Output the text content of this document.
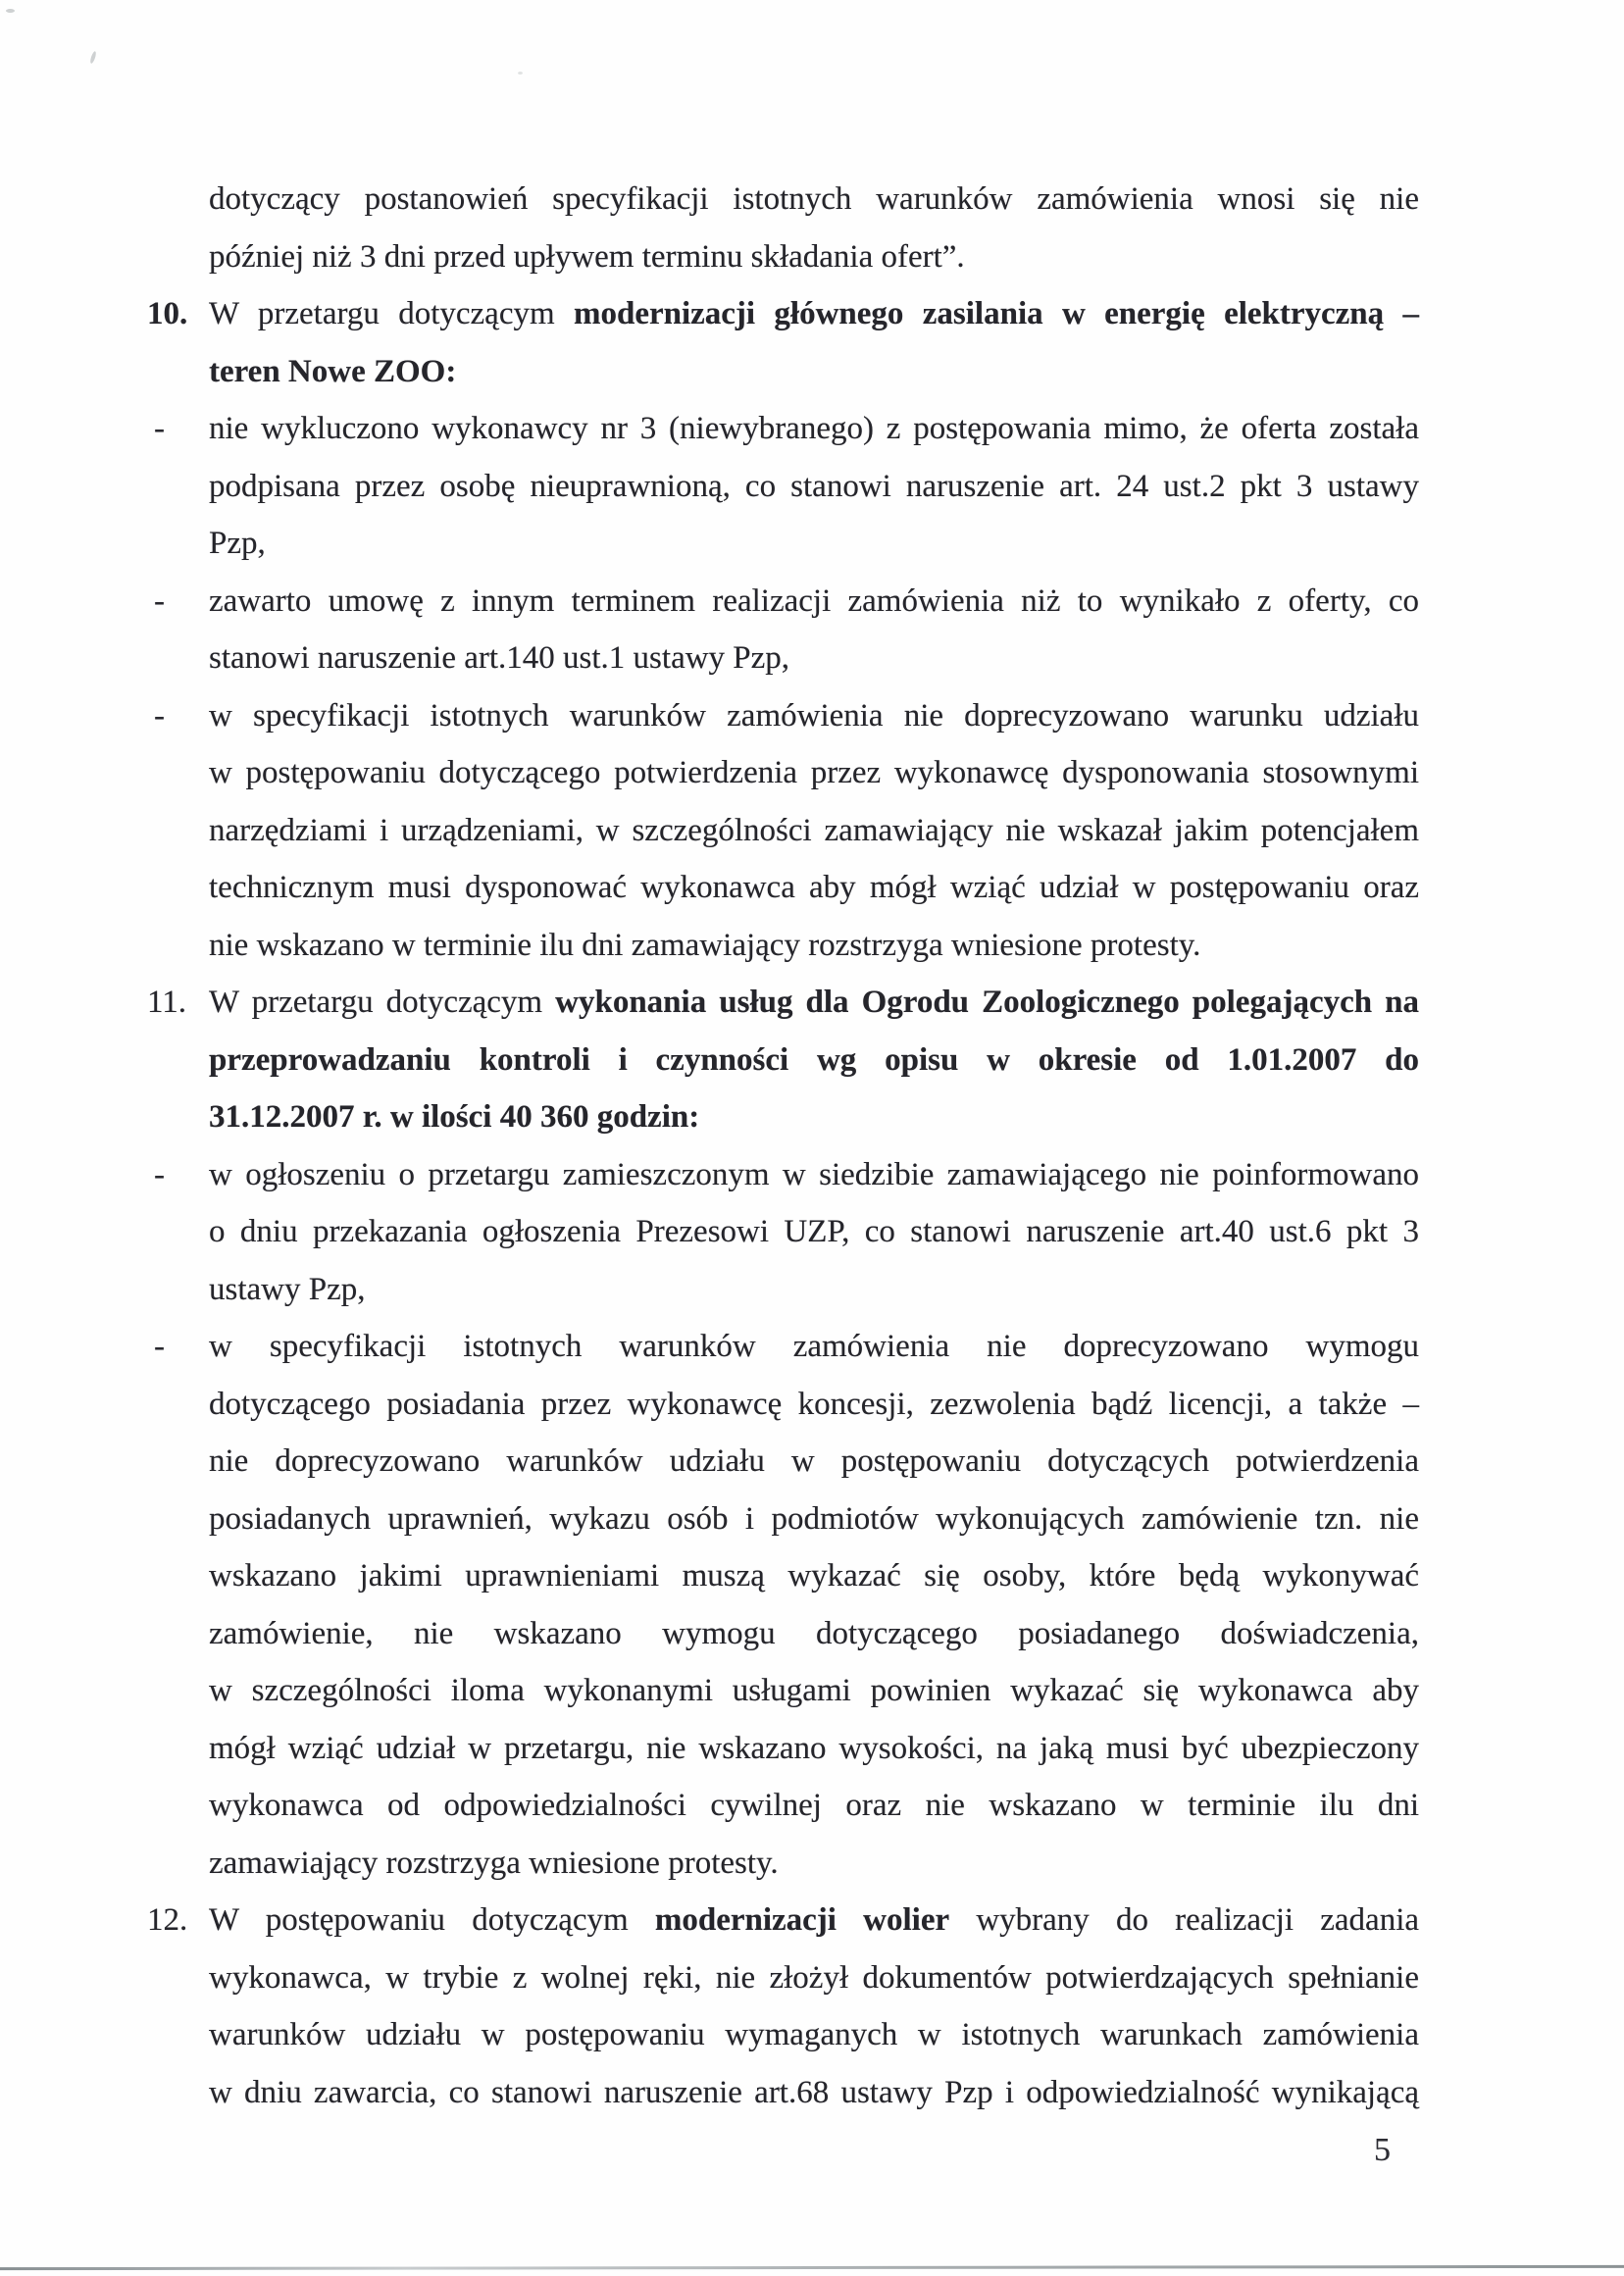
dotyczący postanowień specyfikacji istotnych warunków zamówienia wnosi się nie
później niż 3 dni przed upływem terminu składania ofert”.
10. W przetargu dotyczącym modernizacji głównego zasilania w energię elektryczną –
teren Nowe ZOO:
- nie wykluczono wykonawcy nr 3 (niewybranego) z postępowania mimo, że oferta została
podpisana przez osobę nieuprawnioną, co stanowi naruszenie art. 24 ust.2 pkt 3 ustawy
Pzp,
- zawarto umowę z innym terminem realizacji zamówienia niż to wynikało z oferty, co
stanowi naruszenie art.140 ust.1 ustawy Pzp,
- w specyfikacji istotnych warunków zamówienia nie doprecyzowano warunku udziału
w postępowaniu dotyczącego potwierdzenia przez wykonawcę dysponowania stosownymi
narzędziami i urządzeniami, w szczególności zamawiający nie wskazał jakim potencjałem
technicznym musi dysponować wykonawca aby mógł wziąć udział w postępowaniu oraz
nie wskazano w terminie ilu dni zamawiający rozstrzyga wniesione protesty.
11. W przetargu dotyczącym wykonania usług dla Ogrodu Zoologicznego polegających na
przeprowadzaniu kontroli i czynności wg opisu w okresie od 1.01.2007 do
31.12.2007 r. w ilości 40 360 godzin:
- w ogłoszeniu o przetargu zamieszczonym w siedzibie zamawiającego nie poinformowano
o dniu przekazania ogłoszenia Prezesowi UZP, co stanowi naruszenie art.40 ust.6 pkt 3
ustawy Pzp,
- w specyfikacji istotnych warunków zamówienia nie doprecyzowano wymogu
dotyczącego posiadania przez wykonawcę koncesji, zezwolenia bądź licencji, a także –
nie doprecyzowano warunków udziału w postępowaniu dotyczących potwierdzenia
posiadanych uprawnień, wykazu osób i podmiotów wykonujących zamówienie tzn. nie
wskazano jakimi uprawnieniami muszą wykazać się osoby, które będą wykonywać
zamówienie, nie wskazano wymogu dotyczącego posiadanego doświadczenia,
w szczególności iloma wykonanymi usługami powinien wykazać się wykonawca aby
mógł wziąć udział w przetargu, nie wskazano wysokości, na jaką musi być ubezpieczony
wykonawca od odpowiedzialności cywilnej oraz nie wskazano w terminie ilu dni
zamawiający rozstrzyga wniesione protesty.
12. W postępowaniu dotyczącym modernizacji wolier wybrany do realizacji zadania
wykonawca, w trybie z wolnej ręki, nie złożył dokumentów potwierdzających spełnianie
warunków udziału w postępowaniu wymaganych w istotnych warunkach zamówienia
w dniu zawarcia, co stanowi naruszenie art.68 ustawy Pzp i odpowiedzialność wynikającą
5
